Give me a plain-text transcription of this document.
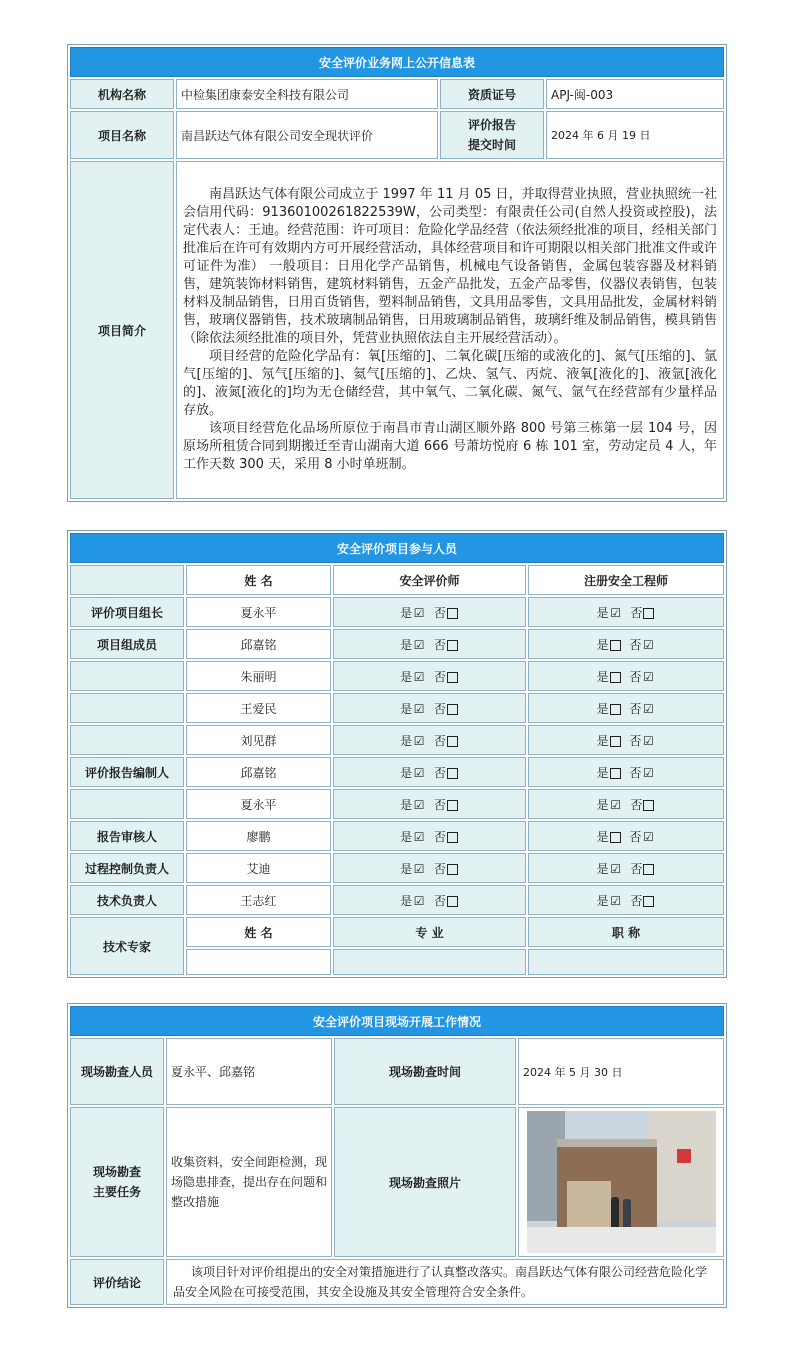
安全评价业务网上公开信息表			
机构名称	中检集团康泰安全科技有限公司	资质证号	APJ-闽-003
项目名称	南昌跃达气体有限公司安全现状评价	评价报告
提交时间	2024 年 6 月 19 日
项目简介	南昌跃达气体有限公司成立于 1997 年 11 月 05 日，并取得营业执照，营业执照统一社会信用代码：91360100261822539W，公司类型：有限责任公司(自然人投资或控股)，法定代表人：王迪。经营范围：许可项目：危险化学品经营（依法须经批准的项目，经相关部门批准后在许可有效期内方可开展经营活动，具体经营项目和许可期限以相关部门批准文件或许可证件为准） 一般项目：日用化学产品销售，机械电气设备销售，金属包装容器及材料销售，建筑装饰材料销售，建筑材料销售，五金产品批发，五金产品零售，仪器仪表销售，包装材料及制品销售，日用百货销售，塑料制品销售，文具用品零售，文具用品批发，金属材料销售，玻璃仪器销售，技术玻璃制品销售，日用玻璃制品销售，玻璃纤维及制品销售，模具销售（除依法须经批准的项目外，凭营业执照依法自主开展经营活动）。

项目经营的危险化学品有：氧[压缩的]、二氧化碳[压缩的或液化的]、氮气[压缩的]、氩气[压缩的]、氖气[压缩的]、氦气[压缩的]、乙炔、氢气、丙烷、液氧[液化的]、液氩[液化的]、液氮[液化的]均为无仓储经营，其中氧气、二氧化碳、氮气、氩气在经营部有少量样品存放。

该项目经营危化品场所原位于南昌市青山湖区顺外路 800 号第三栋第一层 104 号，因原场所租赁合同到期搬迁至青山湖南大道 666 号萧坊悦府 6 栋 101 室，劳动定员 4 人，年工作天数 300 天，采用 8 小时单班制。		

安全评价项目参与人员			
	姓 名	安全评价师	注册安全工程师
评价项目组长	夏永平	是 ☑ 否	是 ☑ 否
项目组成员	邱嘉铭	是 ☑ 否	是 否 ☑
	朱丽明	是 ☑ 否	是 否 ☑
	王爱民	是 ☑ 否	是 否 ☑
	刘见群	是 ☑ 否	是 否 ☑
评价报告编制人	邱嘉铭	是 ☑ 否	是 否 ☑
	夏永平	是 ☑ 否	是 ☑ 否
报告审核人	廖鹏	是 ☑ 否	是 否 ☑
过程控制负责人	艾迪	是 ☑ 否	是 ☑ 否
技术负责人	王志红	是 ☑ 否	是 ☑ 否
技术专家	姓 名	专 业	职 称

安全评价项目现场开展工作情况			
现场勘查人员	夏永平、邱嘉铭	现场勘查时间	2024 年 5 月 30 日

现场勘查
主要任务	收集资料，安全间距检测，现场隐患排查，提出存在问题和整改措施	现场勘查照片	

评价结论	该项目针对评价组提出的安全对策措施进行了认真整改落实。南昌跃达气体有限公司经营危险化学品安全风险在可接受范围，其安全设施及其安全管理符合安全条件。		
